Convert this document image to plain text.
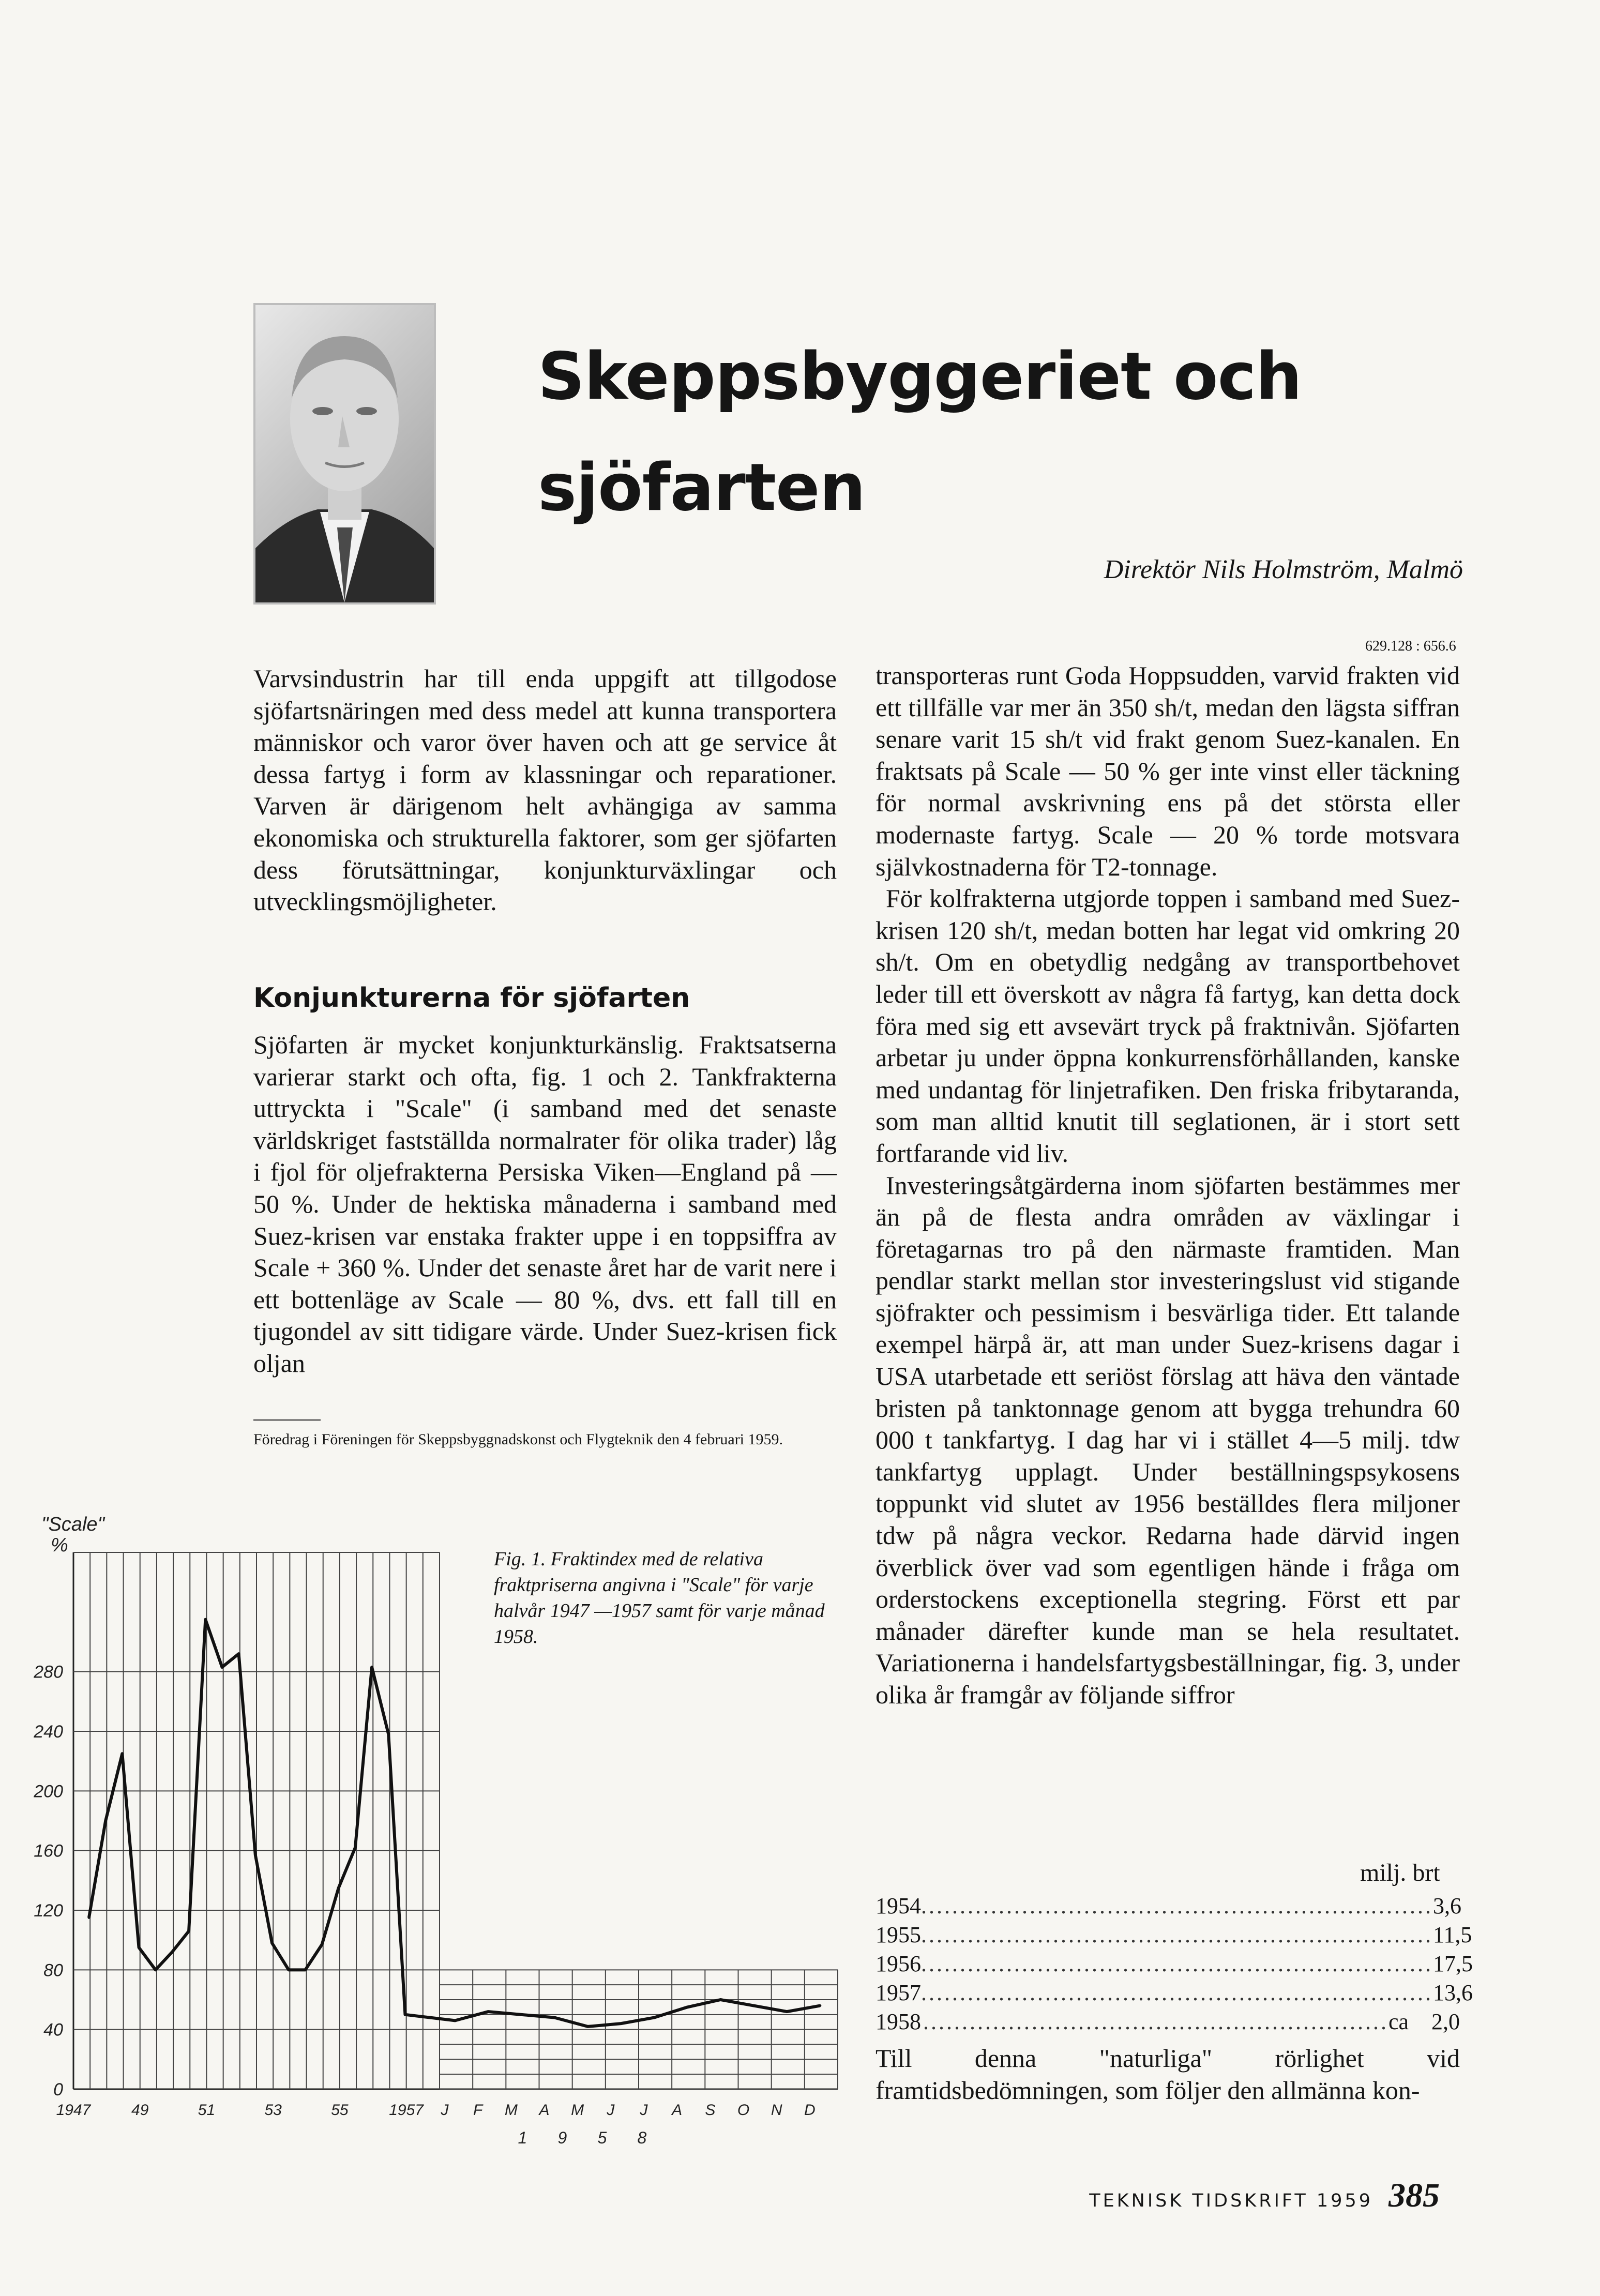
Skeppsbyggeriet och
sjöfarten
Direktör Nils Holmström, Malmö
629.128 : 656.6

Varvsindustrin har till enda uppgift att tillgodose sjöfartsnäringen med dess medel att kunna transportera människor och varor över haven och att ge service åt dessa fartyg i form av klassningar och reparationer. Varven är därigenom helt avhängiga av samma ekonomiska och strukturella faktorer, som ger sjöfarten dess förutsättningar, konjunkturväxlingar och utvecklingsmöjligheter.

Konjunkturerna för sjöfarten

Sjöfarten är mycket konjunkturkänslig. Fraktsatserna varierar starkt och ofta, fig. 1 och 2. Tankfrakterna uttryckta i "Scale" (i samband med det senaste världskriget fastställda normalrater för olika trader) låg i fjol för oljefrakterna Persiska Viken—England på — 50 %. Under de hektiska månaderna i samband med Suez-krisen var enstaka frakter uppe i en toppsiffra av Scale + 360 %. Under det senaste året har de varit nere i ett bottenläge av Scale — 80 %, dvs. ett fall till en tjugondel av sitt tidigare värde. Under Suez-krisen fick oljan

Föredrag i Föreningen för Skeppsbyggnadskonst och Flygteknik den 4 februari 1959.

transporteras runt Goda Hoppsudden, varvid frakten vid ett tillfälle var mer än 350 sh/t, medan den lägsta siffran senare varit 15 sh/t vid frakt genom Suez-kanalen. En fraktsats på Scale — 50 % ger inte vinst eller täckning för normal avskrivning ens på det största eller modernaste fartyg. Scale — 20 % torde motsvara självkostnaderna för T2-tonnage.

För kolfrakterna utgjorde toppen i samband med Suez-krisen 120 sh/t, medan botten har legat vid omkring 20 sh/t. Om en obetydlig nedgång av transportbehovet leder till ett överskott av några få fartyg, kan detta dock föra med sig ett avsevärt tryck på fraktnivån. Sjöfarten arbetar ju under öppna konkurrensförhållanden, kanske med undantag för linjetrafiken. Den friska fribytaranda, som man alltid knutit till seglationen, är i stort sett fortfarande vid liv.

Investeringsåtgärderna inom sjöfarten bestämmes mer än på de flesta andra områden av växlingar i företagarnas tro på den närmaste framtiden. Man pendlar starkt mellan stor investeringslust vid stigande sjöfrakter och pessimism i besvärliga tider. Ett talande exempel härpå är, att man under Suez-krisens dagar i USA utarbetade ett seriöst förslag att häva den väntade bristen på tanktonnage genom att bygga trehundra 60 000 t tankfartyg. I dag har vi i stället 4—5 milj. tdw tankfartyg upplagt. Under beställningspsykosens toppunkt vid slutet av 1956 beställdes flera miljoner tdw på några veckor. Redarna hade därvid ingen överblick över vad som egentligen hände i fråga om orderstockens exceptionella stegring. Först ett par månader därefter kunde man se hela resultatet. Variationerna i handelsfartygsbeställningar, fig. 3, under olika år framgår av följande siffror

milj. brt
1954 .................................................................. 3,6
1955 .................................................................. 11,5
1956 .................................................................. 17,5
1957 .................................................................. 13,6
1958 ............................................................ ca 2,0

Till denna "naturliga" rörlighet vid framtidsbedömningen, som följer den allmänna kon-

Fig. 1. Fraktindex med de relativa fraktpriserna angivna i "Scale" för varje halvår 1947 —1957 samt för varje månad 1958.

0
40
80
120
160
200
240
280
"Scale"
%
1947	49	51	53	55	1957 J F M A M J J A S O N D
1 9 5 8
TEKNISK TIDSKRIFT 1959 385
